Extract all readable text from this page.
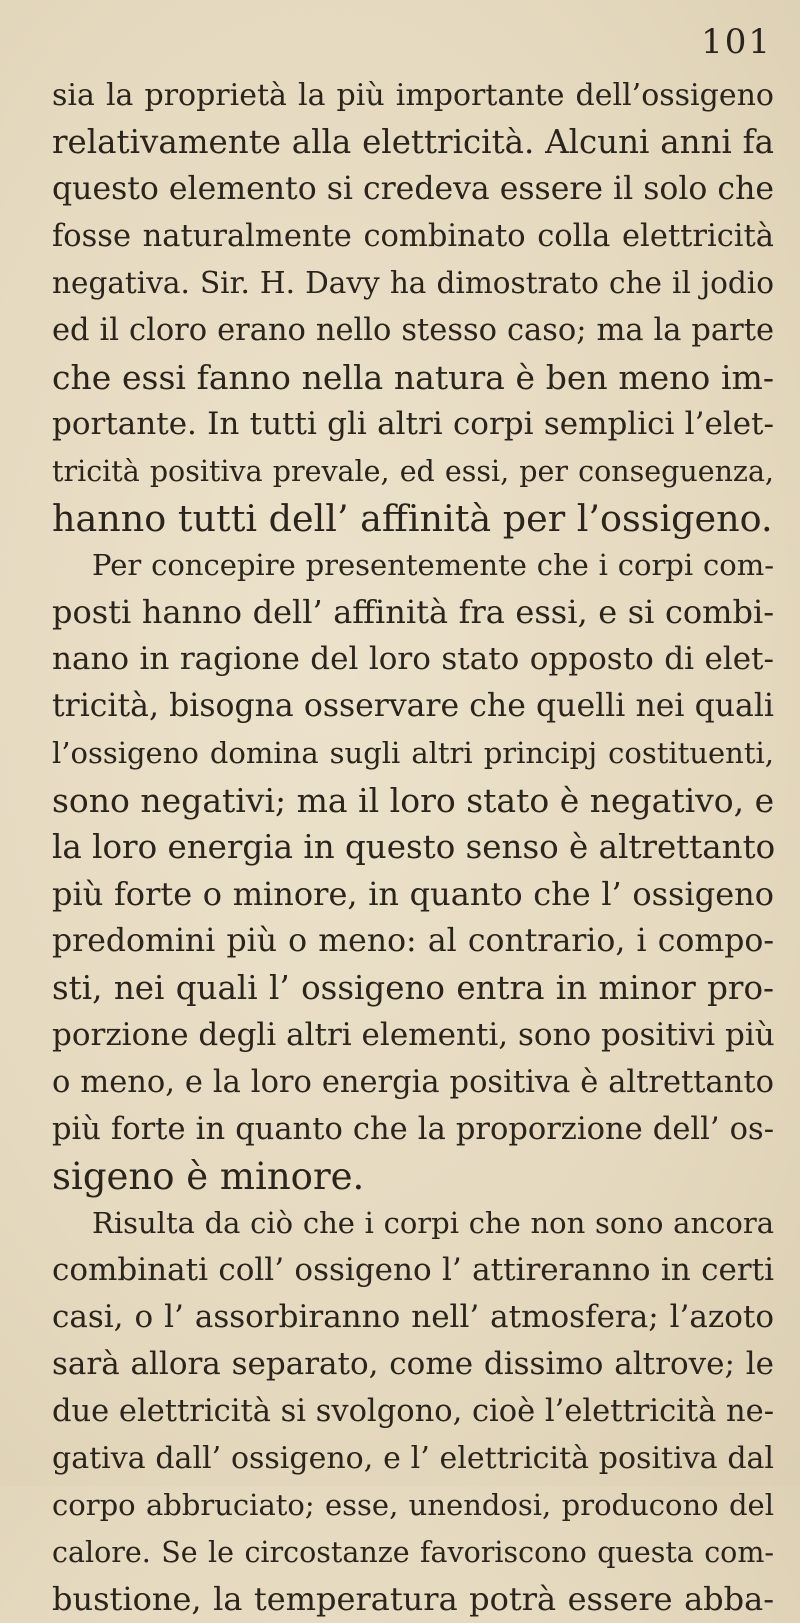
101
sia la proprietà la più importante dell’ossigeno
relativamente alla elettricità. Alcuni anni fa
questo elemento si credeva essere il solo che
fosse naturalmente combinato colla elettricità
negativa. Sir. H. Davy ha dimostrato che il jodio
ed il cloro erano nello stesso caso; ma la parte
che essi fanno nella natura è ben meno im-
portante. In tutti gli altri corpi semplici l’elet-
tricità positiva prevale, ed essi, per conseguenza,
hanno tutti dell’ affinità per l’ossigeno.
Per concepire presentemente che i corpi com-
posti hanno dell’ affinità fra essi, e si combi-
nano in ragione del loro stato opposto di elet-
tricità, bisogna osservare che quelli nei quali
l’ossigeno domina sugli altri principj costituenti,
sono negativi; ma il loro stato è negativo, e
la loro energia in questo senso è altrettanto
più forte o minore, in quanto che l’ ossigeno
predomini più o meno: al contrario, i compo-
sti, nei quali l’ ossigeno entra in minor pro-
porzione degli altri elementi, sono positivi più
o meno, e la loro energia positiva è altrettanto
più forte in quanto che la proporzione dell’ os-
sigeno è minore.
Risulta da ciò che i corpi che non sono ancora
combinati coll’ ossigeno l’ attireranno in certi
casi, o l’ assorbiranno nell’ atmosfera; l’azoto
sarà allora separato, come dissimo altrove; le
due elettricità si svolgono, cioè l’elettricità ne-
gativa dall’ ossigeno, e l’ elettricità positiva dal
corpo abbruciato; esse, unendosi, producono del
calore. Se le circostanze favoriscono questa com-
bustione, la temperatura potrà essere abba-
